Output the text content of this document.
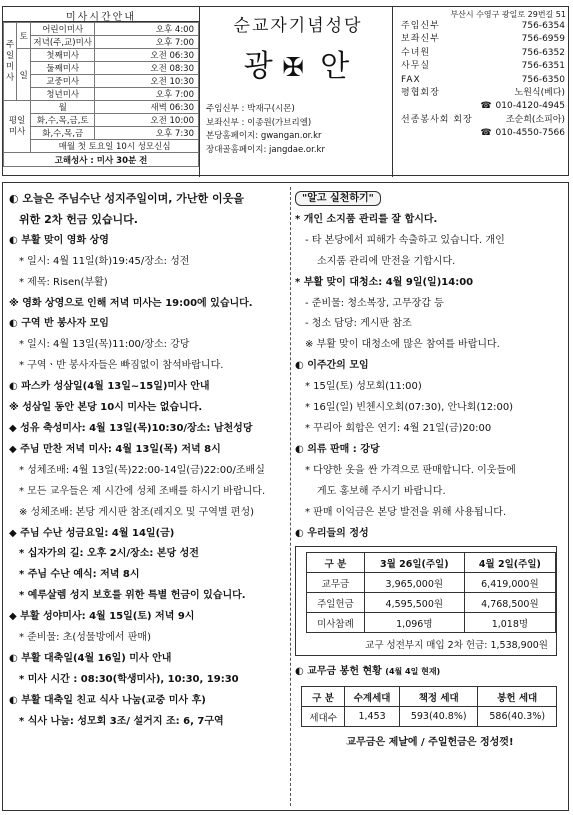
미사시간안내
주일미사	토	어린이미사	오후 4:00
		저녁(주,교)미사	오후 7:00
	일	첫째미사	오전 06:30
		둘째미사	오전 08:30
		교중미사	오전 10:30
		청년미사	오후 7:00
평일미사		월	새벽 06:30
		화,수,목,금,토	오전 10:00
		화,수,목,금	오후 7:30
		매월 첫 토요일 10시 성모신심	
고해성사 : 미사 30분 전			
순교자기념성당
광 ✠ 안
주임신부 : 박재구(시몬)
보좌신부 : 이종원(가브리엘)
본당홈페이지: gwangan.or.kr
장대골홈페이지: jangdae.or.kr
부산시 수영구 광일로 29번길 51
주임신부	756-6354
보좌신부	756-6959
수녀원	756-6352
사무실	756-6351
FAX	756-6350
평협회장	노원식(베다)
☎
010-4120-4945
선종봉사회 회장	조순희(소피아)
☎
010-4550-7566
◐ 오늘은 주님수난 성지주일이며, 가난한 이웃을
위한 2차 헌금 있습니다.
◐ 부활 맞이 영화 상영
* 일시: 4월 11일(화)19:45/장소: 성전
* 제목: Risen(부활)
※ 영화 상영으로 인해 저녁 미사는 19:00에 있습니다.
◐ 구역 반 봉사자 모임
* 일시: 4월 13일(목)11:00/장소: 강당
* 구역ㆍ반 봉사자들은 빠짐없이 참석바랍니다.
◐ 파스카 성삼일(4월 13일~15일)미사 안내
※ 성삼일 동안 본당 10시 미사는 없습니다.
◆ 성유 축성미사: 4월 13일(목)10:30/장소: 남천성당
◆ 주님 만찬 저녁 미사: 4월 13일(목) 저녁 8시
* 성체조배: 4월 13일(목)22:00-14일(금)22:00/조배실
* 모든 교우들은 제 시간에 성체 조배를 하시기 바랍니다.
※ 성체조배: 본당 게시판 참조(레지오 및 구역별 편성)
◆ 주님 수난 성금요일: 4월 14일(금)
* 십자가의 길: 오후 2시/장소: 본당 성전
* 주님 수난 예식: 저녁 8시
* 예루살렘 성지 보호를 위한 특별 헌금이 있습니다.
◆ 부활 성야미사: 4월 15일(토) 저녁 9시
* 준비물: 초(성물방에서 판매)
◐ 부활 대축일(4월 16일) 미사 안내
* 미사 시간 : 08:30(학생미사), 10:30, 19:30
◐ 부활 대축일 친교 식사 나눔(교중 미사 후)
* 식사 나눔: 성모회 3조/ 설거지 조: 6, 7구역
"알고 실천하기"
* 개인 소지품 관리를 잘 합시다.
- 타 본당에서 피해가 속출하고 있습니다. 개인
소지품 관리에 만전을 기합시다.
* 부활 맞이 대청소: 4월 9일(일)14:00
- 준비물: 청소복장, 고무장갑 등
- 청소 담당: 게시판 참조
※ 부활 맞이 대청소에 많은 참여를 바랍니다.
◐ 이주간의 모임
* 15일(토) 성모회(11:00)
* 16일(일) 빈첸시오회(07:30), 안나회(12:00)
* 꾸리아 회합은 연기: 4월 21일(금)20:00
◐ 의류 판매 : 강당
* 다양한 옷을 싼 가격으로 판매합니다. 이웃들에
게도 홍보해 주시기 바랍니다.
* 판매 이익금은 본당 발전을 위해 사용됩니다.
◐ 우리들의 정성
구 분	3월 26일(주일)	4월 2일(주일)
교무금	3,965,000원	6,419,000원
주일헌금	4,595,500원	4,768,500원
미사참례	1,096명	1,018명
교구 성전부지 매입 2차 헌금: 1,538,900원
◐ 교무금 봉헌 현황 (4월 4일 현재)
구 분	수계세대	책정 세대	봉헌 세대
세대수	1,453	593(40.8%)	586(40.3%)
교무금은 제날에 / 주일헌금은 정성껏!
